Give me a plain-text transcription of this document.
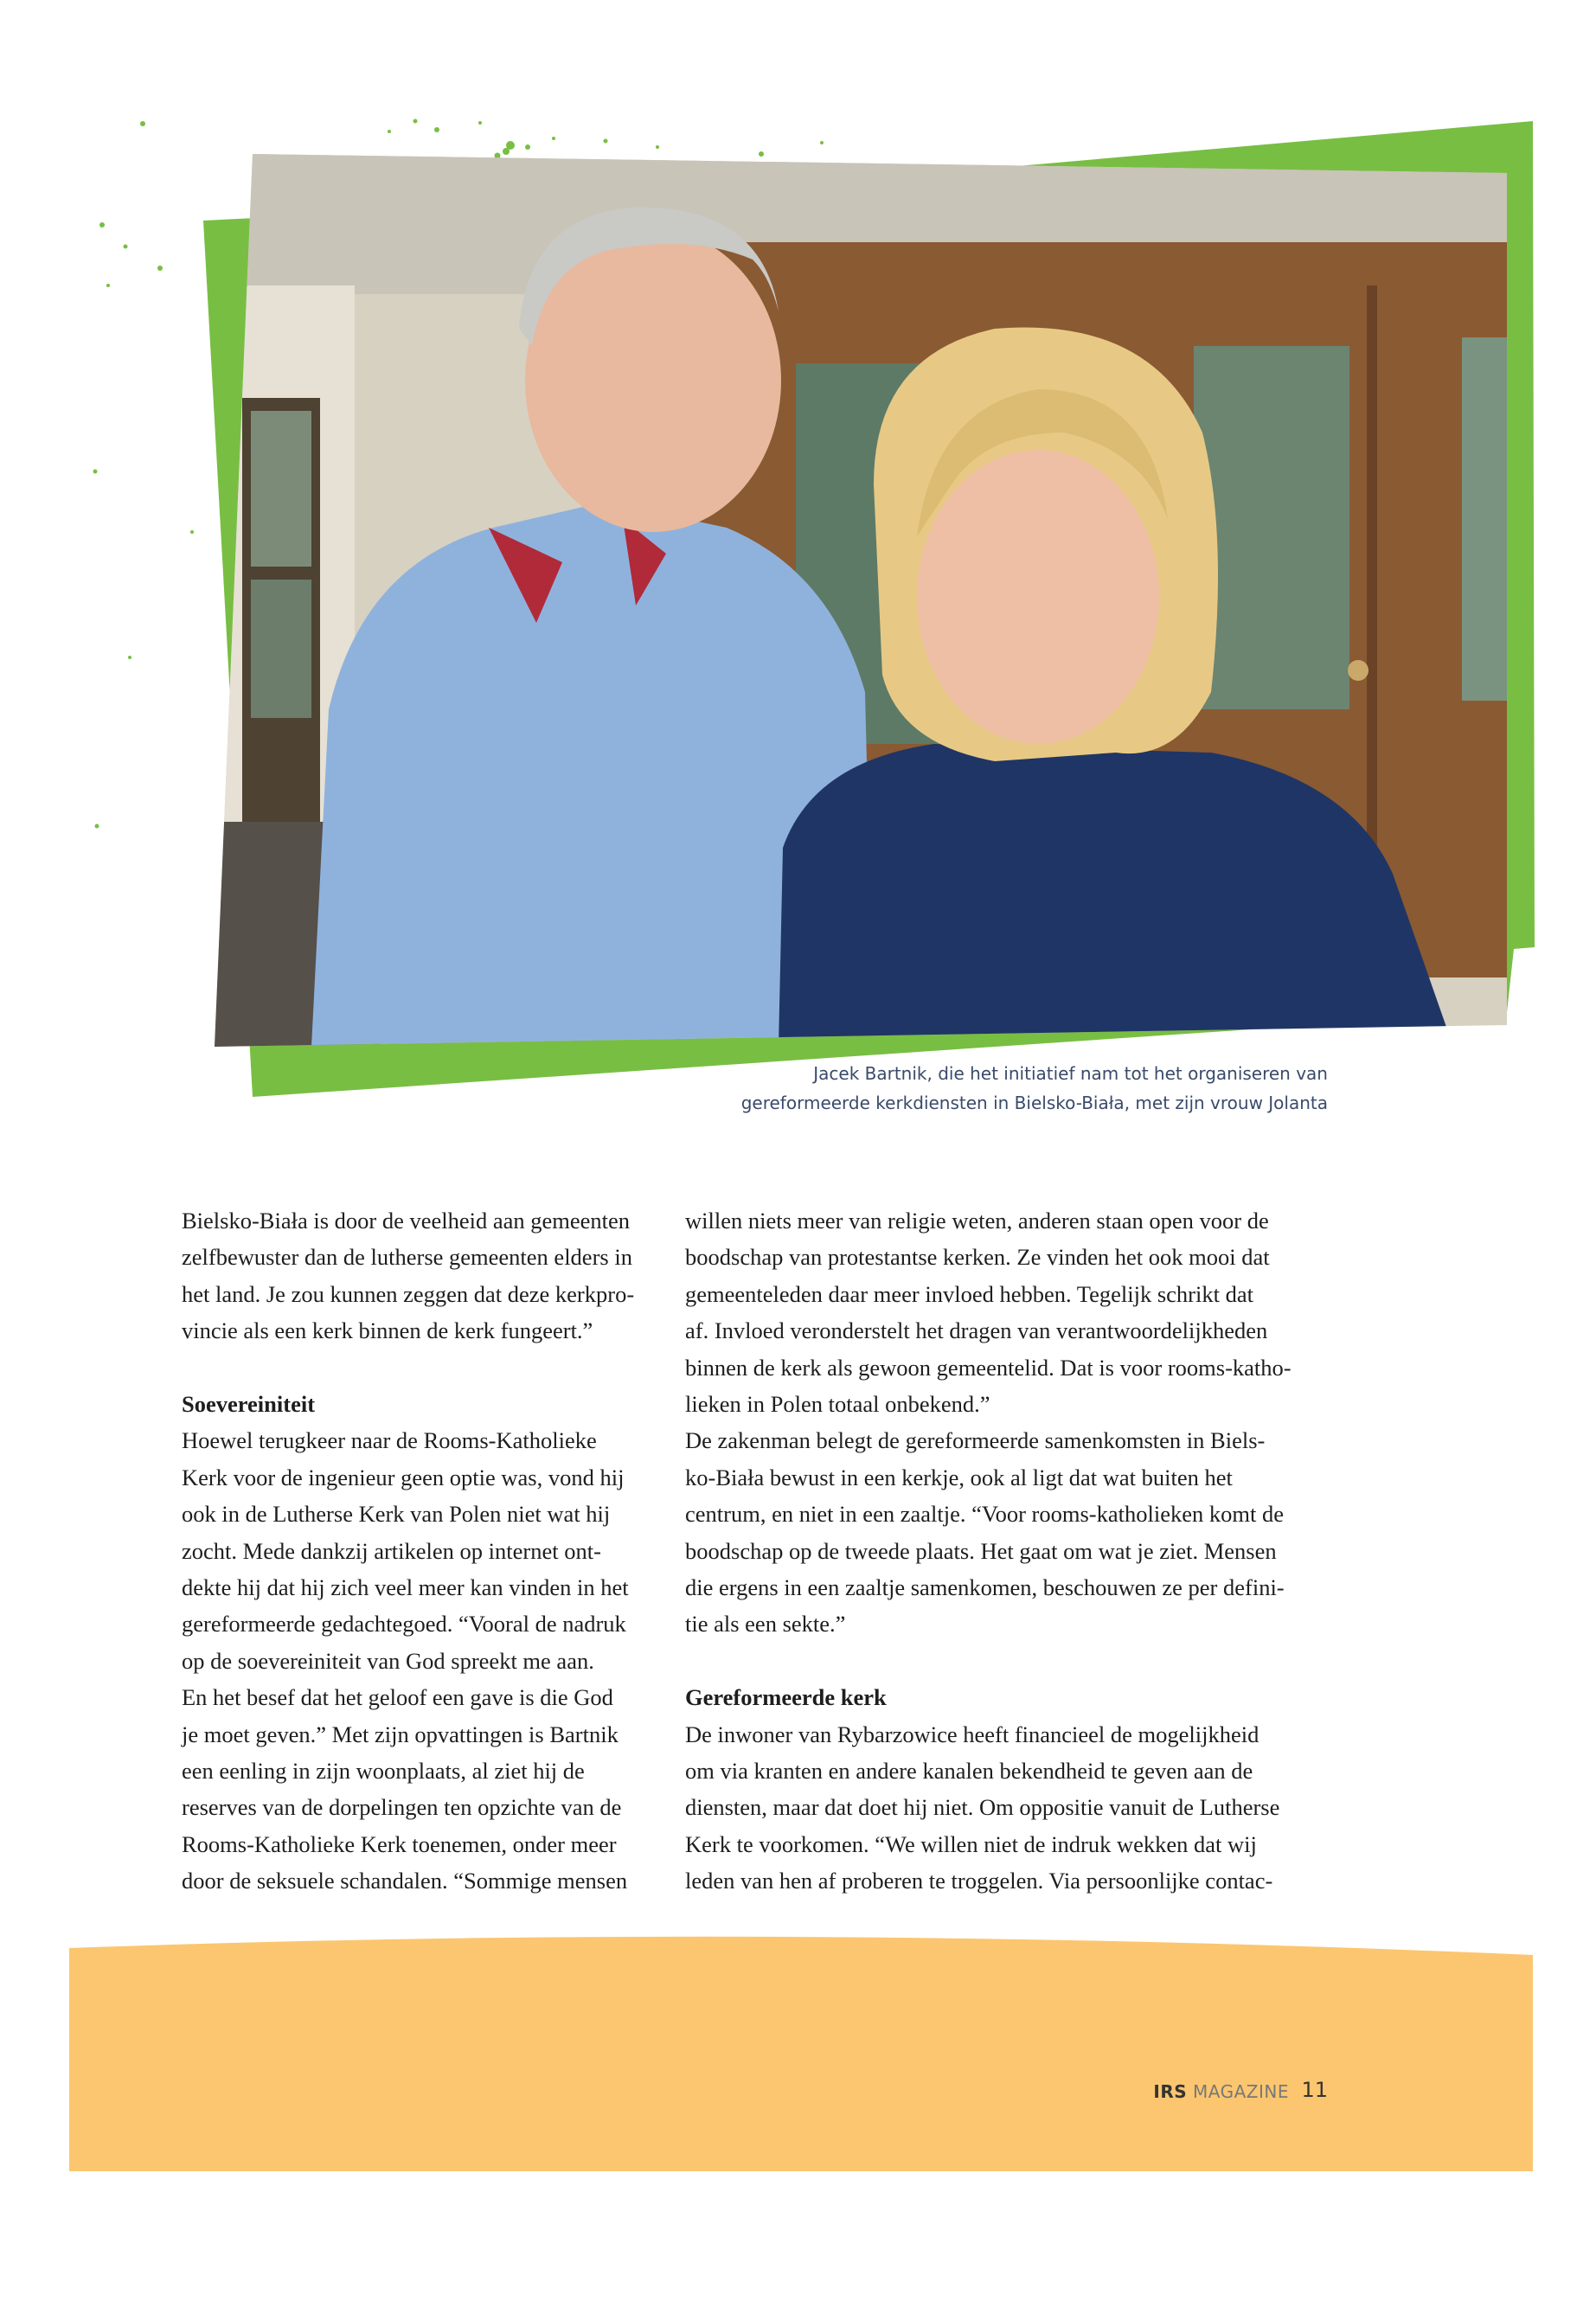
Jacek Bartnik, die het initiatief nam tot het organiseren van

gereformeerde kerkdiensten in Bielsko-Biała, met zijn vrouw Jolanta

Bielsko-Biała is door de veelheid aan gemeenten

zelfbewuster dan de lutherse gemeenten elders in

het land. Je zou kunnen zeggen dat deze kerkpro-

vincie als een kerk binnen de kerk fungeert.”

Soevereiniteit

Hoewel terugkeer naar de Rooms-Katholieke

Kerk voor de ingenieur geen optie was, vond hij

ook in de Lutherse Kerk van Polen niet wat hij

zocht. Mede dankzij artikelen op internet ont-

dekte hij dat hij zich veel meer kan vinden in het

gereformeerde gedachtegoed. “Vooral de nadruk

op de soevereiniteit van God spreekt me aan.

En het besef dat het geloof een gave is die God

je moet geven.” Met zijn opvattingen is Bartnik

een eenling in zijn woonplaats, al ziet hij de

reserves van de dorpelingen ten opzichte van de

Rooms-Katholieke Kerk toenemen, onder meer

door de seksuele schandalen. “Sommige mensen

willen niets meer van religie weten, anderen staan open voor de

boodschap van protestantse kerken. Ze vinden het ook mooi dat

gemeenteleden daar meer invloed hebben. Tegelijk schrikt dat

af. Invloed veronderstelt het dragen van verantwoordelijkheden

binnen de kerk als gewoon gemeentelid. Dat is voor rooms-katho-

lieken in Polen totaal onbekend.”

De zakenman belegt de gereformeerde samenkomsten in Biels-

ko-Biała bewust in een kerkje, ook al ligt dat wat buiten het

centrum, en niet in een zaaltje. “Voor rooms-katholieken komt de

boodschap op de tweede plaats. Het gaat om wat je ziet. Mensen

die ergens in een zaaltje samenkomen, beschouwen ze per defini-

tie als een sekte.”

Gereformeerde kerk

De inwoner van Rybarzowice heeft financieel de mogelijkheid

om via kranten en andere kanalen bekendheid te geven aan de

diensten, maar dat doet hij niet. Om oppositie vanuit de Lutherse

Kerk te voorkomen. “We willen niet de indruk wekken dat wij

leden van hen af proberen te troggelen. Via persoonlijke contac-

IRS MAGAZINE 11
